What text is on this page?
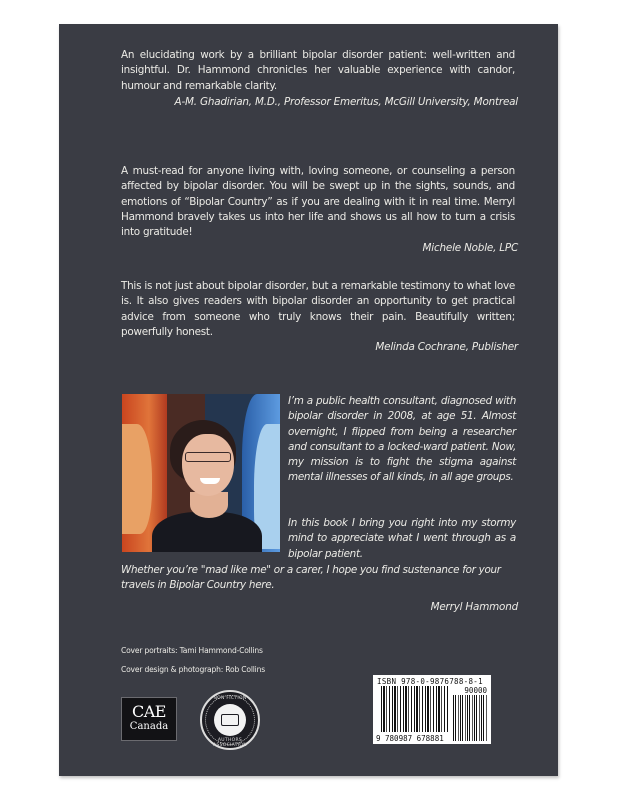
An elucidating work by a brilliant bipolar disorder patient: well-written and insightful. Dr. Hammond chronicles her valuable experience with candor, humour and remarkable clarity.
A-M. Ghadirian, M.D., Professor Emeritus, McGill University, Montreal
A must-read for anyone living with, loving someone, or counseling a person affected by bipolar disorder. You will be swept up in the sights, sounds, and emotions of “Bipolar Country” as if you are dealing with it in real time. Merryl Hammond bravely takes us into her life and shows us all how to turn a crisis into gratitude!
Michele Noble, LPC
This is not just about bipolar disorder, but a remarkable testimony to what love is. It also gives readers with bipolar disorder an opportunity to get practical advice from someone who truly knows their pain. Beautifully written; powerfully honest.
Melinda Cochrane, Publisher
I’m a public health consultant, diagnosed with bipolar disorder in 2008, at age 51. Almost overnight, I flipped from being a researcher and consultant to a locked-ward patient. Now, my mission is to fight the stigma against mental illnesses of all kinds, in all age groups.
In this book I bring you right into my stormy mind to appreciate what I went through as a bipolar patient.
Whether you’re "mad like me" or a carer, I hope you find sustenance for your travels in Bipolar Country here.
Merryl Hammond
Cover portraits: Tami Hammond-Collins
Cover design & photograph: Rob Collins
CAE
Canada
NON FICTION
AUTHORS ASSOCIATION
ISBN 978-0-9876788-8-1
90000
9 780987 678881
